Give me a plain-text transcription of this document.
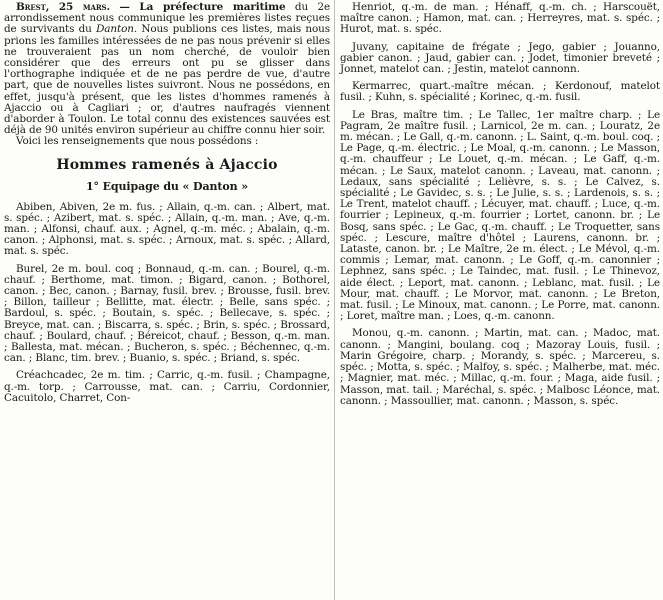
Brest, 25 mars. — La préfecture maritime du 2e arrondissement nous communique les premières listes reçues de survivants du Danton. Nous publions ces listes, mais nous prions les familles intéressées de ne pas nous prévenir si elles ne trouveraient pas un nom cherché, de vouloir bien considérer que des erreurs ont pu se glisser dans l'orthographe indiquée et de ne pas perdre de vue, d'autre part, que de nouvelles listes suivront. Nous ne possédons, en effet, jusqu'à présent, que les listes d'hommes ramenés à Ajaccio ou à Cagliari ; or, d'autres naufragés viennent d'aborder à Toulon. Le total connu des existences sauvées est déjà de 90 unités environ supérieur au chiffre connu hier soir.

Voici les renseignements que nous possédons :

Hommes ramenés à Ajaccio
1° Equipage du « Danton »

Abiben, Abiven, 2e m. fus. ; Allain, q.-m. can. ; Albert, mat. s. spéc. ; Azibert, mat. s. spéc. ; Allain, q.-m. man. ; Ave, q.-m. man. ; Alfonsi, chauf. aux. ; Agnel, q.-m. méc. ; Abalain, q.-m. canon. ; Alphonsi, mat. s. spéc. ; Arnoux, mat. s. spéc. ; Allard, mat. s. spéc.

Burel, 2e m. boul. coq ; Bonnaud, q.-m. can. ; Bourel, q.-m. chauf. ; Berthome, mat. timon. ; Bigard, canon. ; Bothorel, canon. ; Bec, canon. ; Barnay, fusil. brev. ; Brousse, fusil. brev. ; Billon, tailleur ; Bellitte, mat. électr. ; Belle, sans spéc. ; Bardoul, s. spéc. ; Boutain, s. spéc. ; Bellecave, s. spéc. ; Breyce, mat. can. ; Biscarra, s. spéc. ; Brin, s. spéc. ; Brossard, chauf. ; Boulard, chauf. ; Béreicot, chauf. ; Besson, q.-m. man. ; Ballesta, mat. mécan. ; Bucheron, s. spéc. ; Béchennec, q.-m. can. ; Blanc, tim. brev. ; Buanio, s. spéc. ; Briand, s. spéc.

Créachcadec, 2e m. tim. ; Carric, q.-m. fusil. ; Champagne, q.-m. torp. ; Carrousse, mat. can. ; Carriu, Cordonnier, Cacuitolo, Charret, Con-

Henriot, q.-m. de man. ; Hénaff, q.-m. ch. ; Harscouët, maître canon. ; Hamon, mat. can. ; Herreyres, mat. s. spéc. ; Hurot, mat. s. spéc.

Juvany, capitaine de frégate ; Jego, gabier ; Jouanno, gabier canon. ; Jaud, gabier can. ; Jodet, timonier breveté ; Jonnet, matelot can. ; Jestin, matelot cannonn.

Kermarrec, quart.-maître mécan. ; Kerdonouf, matelot fusil. ; Kuhn, s. spécialité ; Korinec, q.-m. fusil.

Le Bras, maître tim. ; Le Tallec, 1er maître charp. ; Le Pagram, 2e maître fusil. ; Larnicol, 2e m. can. ; Louratz, 2e m. mécan. ; Le Gall, q.-m. canonn. ; L. Saint, q.-m. boul. coq. ; Le Page, q.-m. électric. ; Le Moal, q.-m. canonn. ; Le Masson, q.-m. chauffeur ; Le Louet, q.-m. mécan. ; Le Gaff, q.-m. mécan. ; Le Saux, matelot canonn. ; Laveau, mat. canonn. ; Ledaux, sans spécialité ; Lelièvre, s. s. ; Le Calvez, s. spécialité ; Le Gavidec, s. s. ; Le Julie, s. s. ; Lardenois, s. s. ; Le Trent, matelot chauff. ; Lécuyer, mat. chauff. ; Luce, q.-m. fourrier ; Lepineux, q.-m. fourrier ; Lortet, canonn. br. ; Le Bosq, sans spéc. ; Le Gac, q.-m. chauff. ; Le Troquetter, sans spéc. ; Lescure, maître d'hôtel ; Laurens, canonn. br. ; Lataste, canon. br. ; Le Maître, 2e m. élect. ; Le Mévol, q.-m. commis ; Lemar, mat. canonn. ; Le Goff, q.-m. canonnier ; Lephnez, sans spéc. ; Le Taindec, mat. fusil. ; Le Thinevoz, aide élect. ; Leport, mat. canonn. ; Leblanc, mat. fusil. ; Le Mour, mat. chauff. ; Le Morvor, mat. canonn. ; Le Breton, mat. fusil. ; Le Minoux, mat. canonn. ; Le Porre, mat. canonn. ; Loret, maître man. ; Loes, q.-m. canonn.

Monou, q.-m. canonn. ; Martin, mat. can. ; Madoc, mat. canonn. ; Mangini, boulang. coq ; Mazoray Louis, fusil. ; Marin Grégoire, charp. ; Morandy, s. spéc. ; Marcereu, s. spéc. ; Mottа, s. spéc. ; Malfoy, s. spéc. ; Malherbe, mat. méc. ; Magnier, mat. méc. ; Millac, q.-m. four. ; Maga, aide fusil. ; Masson, mat. tail. ; Maréchal, s. spéc. ; Malbosc Léonce, mat. canonn. ; Massoullier, mat. canonn. ; Masson, s. spéc.
